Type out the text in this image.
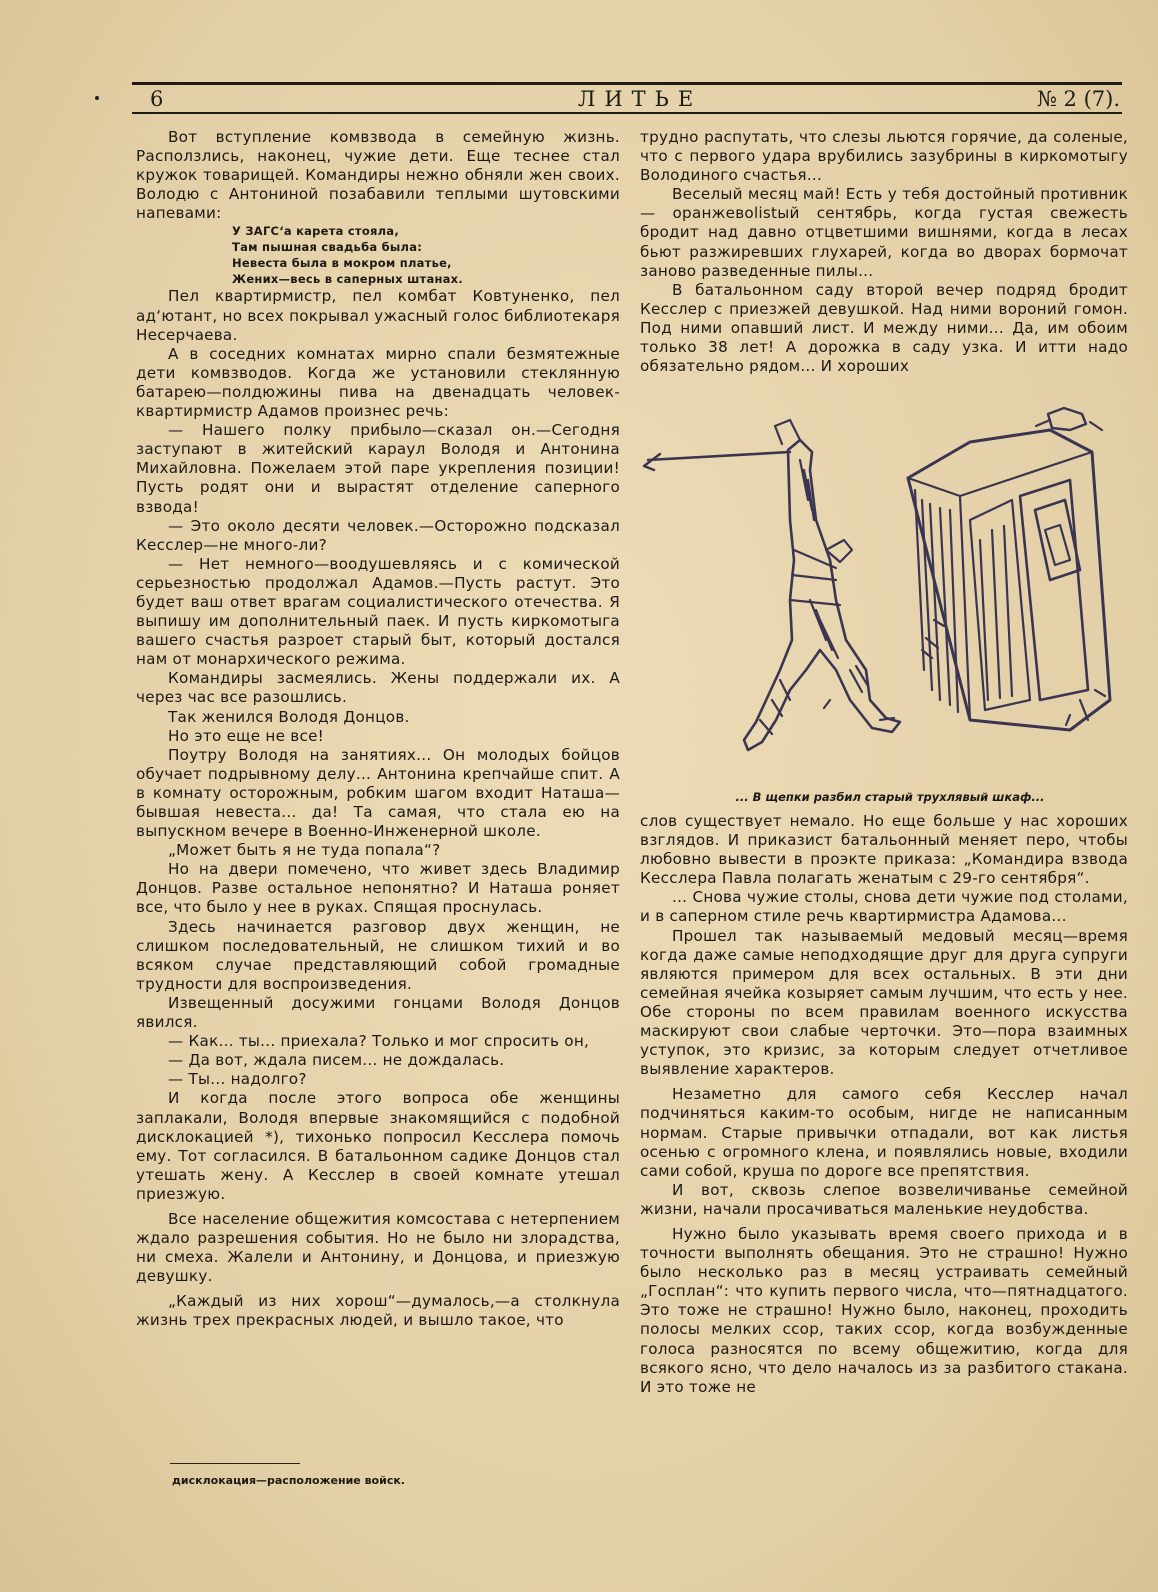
6	ЛИТЬЕ	№ 2 (7).

Вот вступление комвзвода в семейную жизнь. Расползлись, наконец, чужие дети. Еще теснее стал кружок товарищей. Командиры нежно обняли жен своих. Володю с Антониной позабавили теплыми шутовскими напевами:

У ЗАГС‘а карета стояла,
Там пышная свадьба была:
Невеста была в мокром платье,
Жених—весь в саперных штанах.

Пел квартирмистр, пел комбат Ковтуненко, пел ад‘ютант, но всех покрывал ужасный голос библиотекаря Несерчаева.

А в соседних комнатах мирно спали безмятежные дети комвзводов. Когда же установили стеклянную батарею—полдюжины пива на двенадцать человек-квартирмистр Адамов произнес речь:

— Нашего полку прибыло—сказал он.—Сегодня заступают в житейский караул Володя и Антонина Михайловна. Пожелаем этой паре укрепления позиции! Пусть родят они и вырастят отделение саперного взвода!

— Это около десяти человек.—Осторожно подсказал Кесслер—не много-ли?

— Нет немного—воодушевляясь и с комической серьезностью продолжал Адамов.—Пусть растут. Это будет ваш ответ врагам социалистического отечества. Я выпишу им дополнительный паек. И пусть киркомотыга вашего счастья разроет старый быт, который достался нам от монархического режима.

Командиры засмеялись. Жены поддержали их. А через час все разошлись.

Так женился Володя Донцов.

Но это еще не все!

Поутру Володя на занятиях... Он молодых бойцов обучает подрывному делу... Антонина крепчайше спит. А в комнату осторожным, робким шагом входит Наташа—бывшая невеста... да! Та самая, что стала ею на выпускном вечере в Военно-Инженерной школе.

„Может быть я не туда попала“?

Но на двери помечено, что живет здесь Владимир Донцов. Разве остальное непонятно? И Наташа роняет все, что было у нее в руках. Спящая проснулась.

Здесь начинается разговор двух женщин, не слишком последовательный, не слишком тихий и во всяком случае представляющий собой громадные трудности для воспроизведения.

Извещенный досужими гонцами Володя Донцов явился.

— Как... ты... приехала? Только и мог спросить он,

— Да вот, ждала писем... не дождалась.

— Ты... надолго?

И когда после этого вопроса обе женщины заплакали, Володя впервые знакомящийся с подобной дисклокацией *), тихонько попросил Кесслера помочь ему. Тот согласился. В батальонном садике Донцов стал утешать жену. А Кесслер в своей комнате утешал приезжую.

Все население общежития комсостава с нетерпением ждало разрешения события. Но не было ни злорадства, ни смеха. Жалели и Антонину, и Донцова, и приезжую девушку.

„Каждый из них хорош“—думалось,—а столкнула жизнь трех прекрасных людей, и вышло такое, что

дисклокация—расположение войск.

трудно распутать, что слезы льются горячие, да соленые, что с первого удара врубились зазубрины в киркомотыгу Володиного счастья...

Веселый месяц май! Есть у тебя достойный противник — оранжевolistый сентябрь, когда густая свежесть бродит над давно отцветшими вишнями, когда в лесах бьют разжиревших глухарей, когда во дворах бормочат заново разведенные пилы...

В батальонном саду второй вечер подряд бродит Кесслер с приезжей девушкой. Над ними вороний гомон. Под ними опавший лист. И между ними... Да, им обоим только 38 лет! А дорожка в саду узка. И итти надо обязательно рядом... И хороших

... В щепки разбил старый трухлявый шкаф...

слов существует немало. Но еще больше у нас хороших взглядов. И приказист батальонный меняет перо, чтобы любовно вывести в проэкте приказа: „Командира взвода Кесслера Павла полагать женатым с 29-го сентября“.

... Снова чужие столы, снова дети чужие под столами, и в саперном стиле речь квартирмистра Адамова...

Прошел так называемый медовый месяц—время когда даже самые неподходящие друг для друга супруги являются примером для всех остальных. В эти дни семейная ячейка козыряет самым лучшим, что есть у нее. Обе стороны по всем правилам военного искусства маскируют свои слабые черточки. Это—пора взаимных уступок, это кризис, за которым следует отчетливое выявление характеров.

Незаметно для самого себя Кесслер начал подчиняться каким-то особым, нигде не написанным нормам. Старые привычки отпадали, вот как листья осенью с огромного клена, и появлялись новые, входили сами собой, круша по дороге все препятствия.

И вот, сквозь слепое возвеличиванье семейной жизни, начали просачиваться маленькие неудобства.

Нужно было указывать время своего прихода и в точности выполнять обещания. Это не страшно! Нужно было несколько раз в месяц устраивать семейный „Госплан“: что купить первого числа, что—пятнадцатого. Это тоже не страшно! Нужно было, наконец, проходить полосы мелких ссор, таких ссор, когда возбужденные голоса разносятся по всему общежитию, когда для всякого ясно, что дело началось из за разбитого стакана. И это тоже не
